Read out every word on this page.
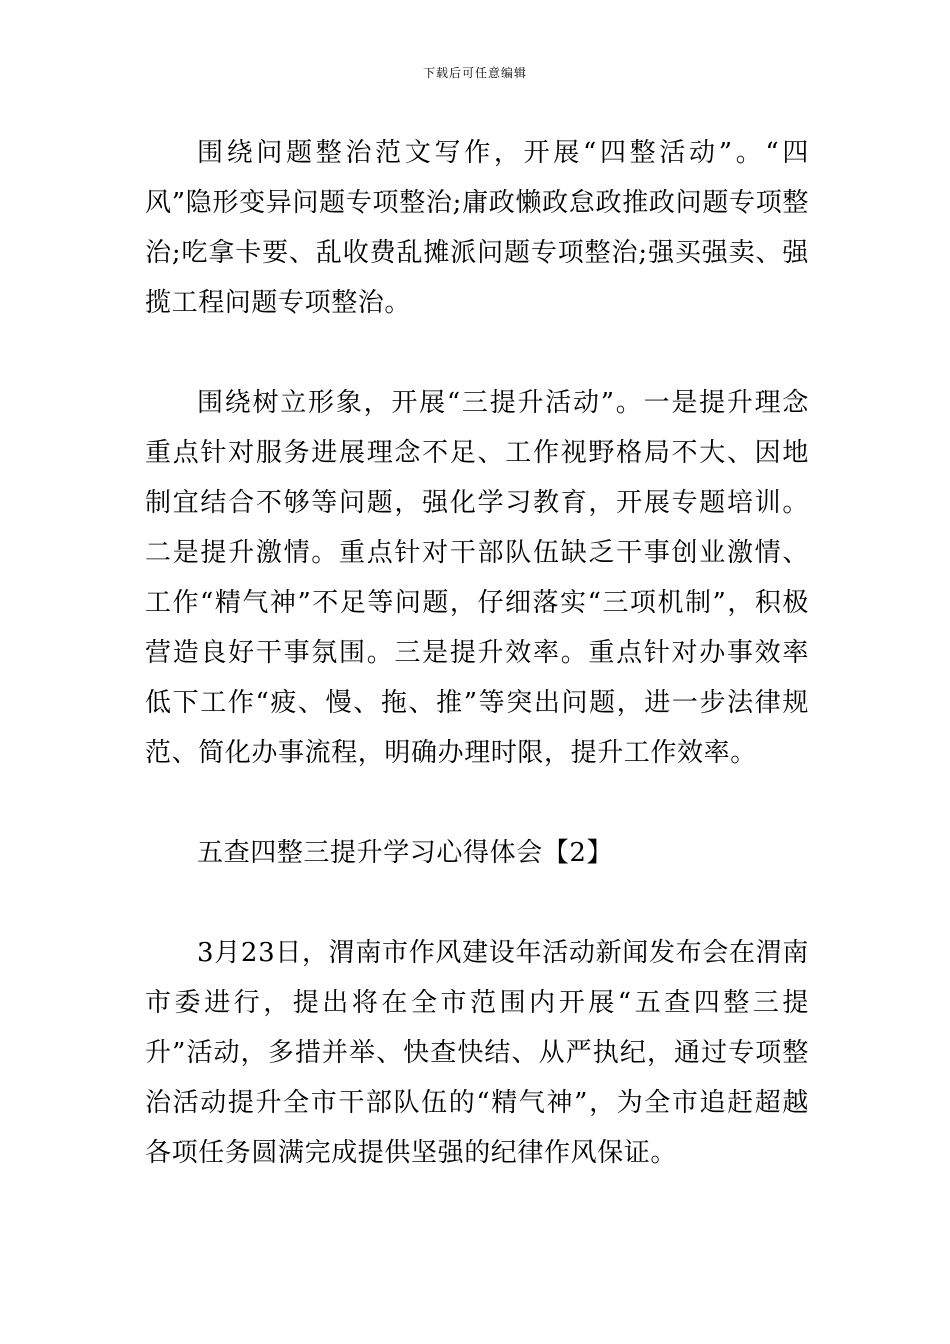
下载后可任意编辑

围绕问题整治范文写作，开展“四整活动”。“四风”隐形变异问题专项整治;庸政懒政怠政推政问题专项整治;吃拿卡要、乱收费乱摊派问题专项整治;强买强卖、强揽工程问题专项整治。

围绕树立形象，开展“三提升活动”。一是提升理念重点针对服务进展理念不足、工作视野格局不大、因地制宜结合不够等问题，强化学习教育，开展专题培训。二是提升激情。重点针对干部队伍缺乏干事创业激情、工作“精气神”不足等问题，仔细落实“三项机制”，积极营造良好干事氛围。三是提升效率。重点针对办事效率低下工作“疲、慢、拖、推”等突出问题，进一步法律规范、简化办事流程，明确办理时限，提升工作效率。

五查四整三提升学习心得体会【2】

3月23日，渭南市作风建设年活动新闻发布会在渭南市委进行，提出将在全市范围内开展“五查四整三提升”活动，多措并举、快查快结、从严执纪，通过专项整治活动提升全市干部队伍的“精气神”，为全市追赶超越各项任务圆满完成提供坚强的纪律作风保证。
